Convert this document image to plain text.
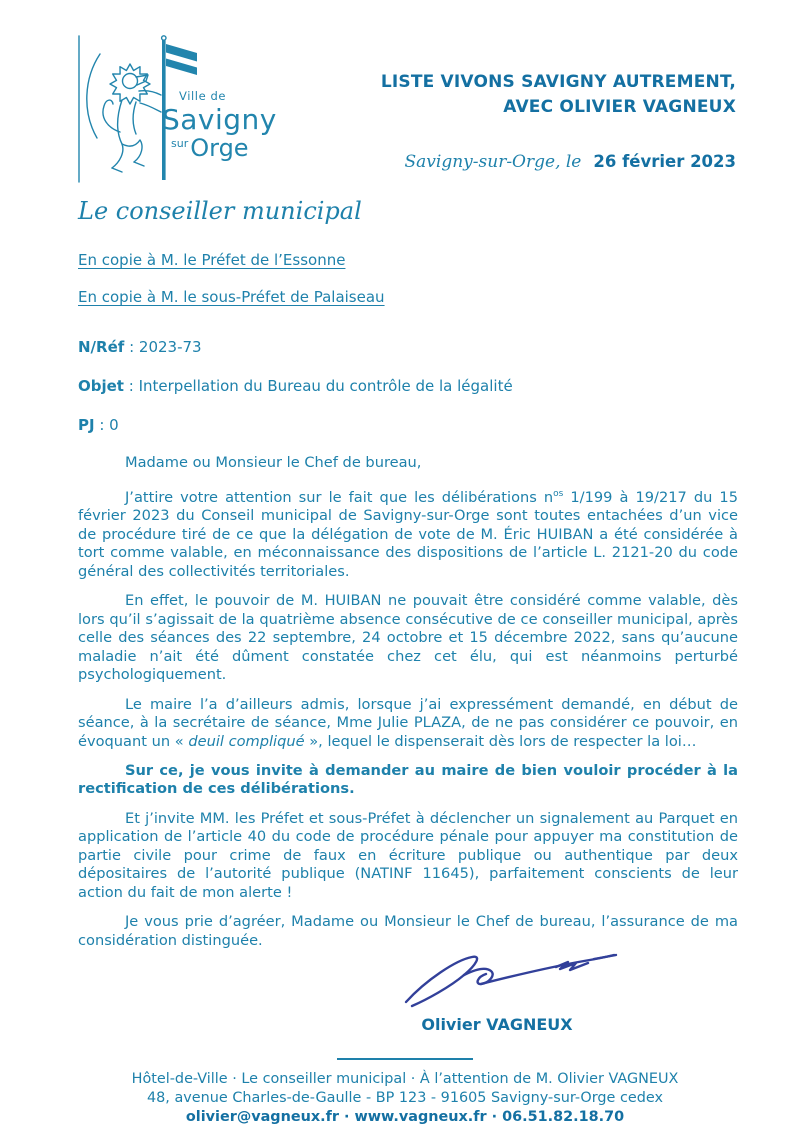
Ville de
Savigny
$^{sur}$Orge
LISTE VIVONS SAVIGNY AUTREMENT,
AVEC OLIVIER VAGNEUX
Savigny-sur-Orge, le 26 février 2023
Le conseiller municipal
En copie à M. le Préfet de l’Essonne
En copie à M. le sous-Préfet de Palaiseau
N/Réf : 2023-73
Objet : Interpellation du Bureau du contrôle de la légalité
PJ : 0

Madame ou Monsieur le Chef de bureau,

J’attire votre attention sur le fait que les délibérations $n^{os}$ 1/199 à 19/217 du 15 février 2023 du Conseil municipal de Savigny-sur-Orge sont toutes entachées d’un vice de procédure tiré de ce que la délégation de vote de M. Éric HUIBAN a été considérée à tort comme valable, en méconnaissance des dispositions de l’article L. 2121-20 du code général des collectivités territoriales.

En effet, le pouvoir de M. HUIBAN ne pouvait être considéré comme valable, dès lors qu’il s’agissait de la quatrième absence consécutive de ce conseiller municipal, après celle des séances des 22 septembre, 24 octobre et 15 décembre 2022, sans qu’aucune maladie n’ait été dûment constatée chez cet élu, qui est néanmoins perturbé psychologiquement.

Le maire l’a d’ailleurs admis, lorsque j’ai expressément demandé, en début de séance, à la secrétaire de séance, Mme Julie PLAZA, de ne pas considérer ce pouvoir, en évoquant un « deuil compliqué », lequel le dispenserait dès lors de respecter la loi…

Sur ce, je vous invite à demander au maire de bien vouloir procéder à la rectification de ces délibérations.

Et j’invite MM. les Préfet et sous-Préfet à déclencher un signalement au Parquet en application de l’article 40 du code de procédure pénale pour appuyer ma constitution de partie civile pour crime de faux en écriture publique ou authentique par deux dépositaires de l’autorité publique (NATINF 11645), parfaitement conscients de leur action du fait de mon alerte !

Je vous prie d’agréer, Madame ou Monsieur le Chef de bureau, l’assurance de ma considération distinguée.

Olivier VAGNEUX
Hôtel-de-Ville · Le conseiller municipal · À l’attention de M. Olivier VAGNEUX
48, avenue Charles-de-Gaulle - BP 123 - 91605 Savigny-sur-Orge cedex
olivier@vagneux.fr · www.vagneux.fr · 06.51.82.18.70
